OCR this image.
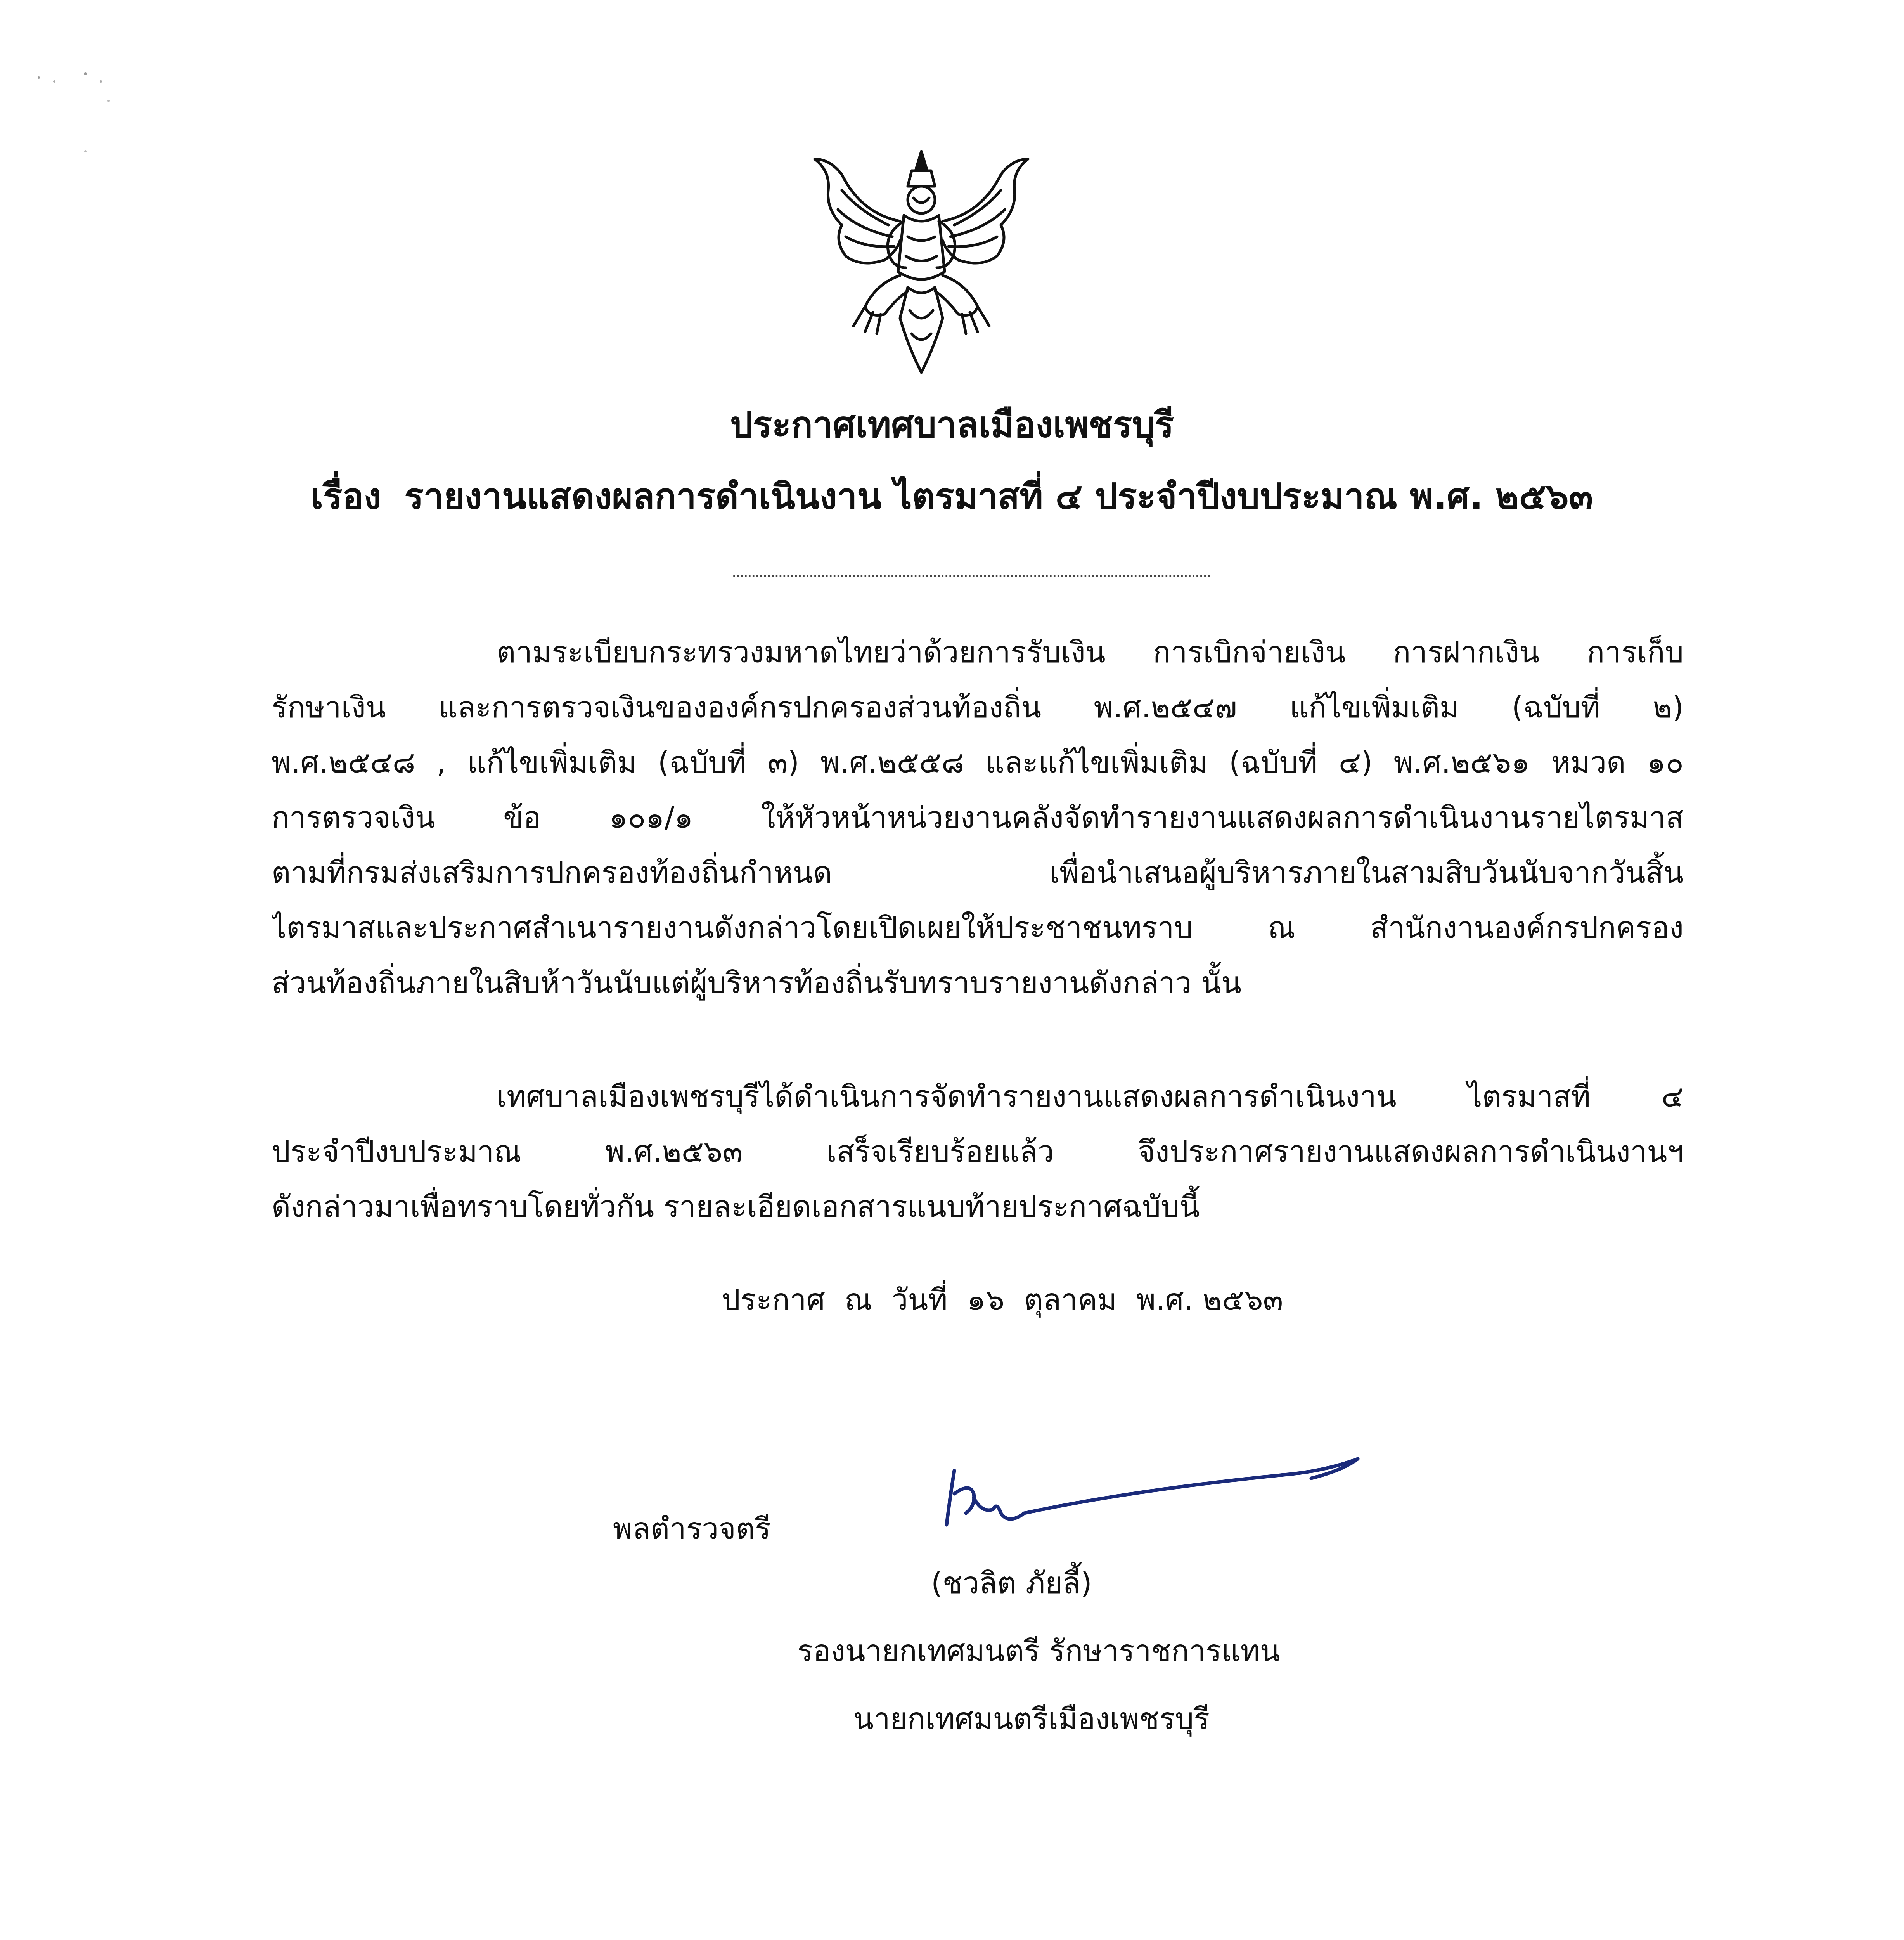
ประกาศเทศบาลเมืองเพชรบุรี
เรื่อง รายงานแสดงผลการดำเนินงาน ไตรมาสที่ ๔ ประจำปีงบประมาณ พ.ศ. ๒๕๖๓
ตามระเบียบกระทรวงมหาดไทยว่าด้วยการรับเงิน การเบิกจ่ายเงิน การฝากเงิน การเก็บ
รักษาเงิน และการตรวจเงินขององค์กรปกครองส่วนท้องถิ่น พ.ศ.๒๕๔๗ แก้ไขเพิ่มเติม (ฉบับที่ ๒)
พ.ศ.๒๕๔๘ , แก้ไขเพิ่มเติม (ฉบับที่ ๓) พ.ศ.๒๕๕๘ และแก้ไขเพิ่มเติม (ฉบับที่ ๔) พ.ศ.๒๕๖๑ หมวด ๑๐
การตรวจเงิน ข้อ ๑๐๑/๑ ให้หัวหน้าหน่วยงานคลังจัดทำรายงานแสดงผลการดำเนินงานรายไตรมาส
ตามที่กรมส่งเสริมการปกครองท้องถิ่นกำหนด เพื่อนำเสนอผู้บริหารภายในสามสิบวันนับจากวันสิ้น
ไตรมาสและประกาศสำเนารายงานดังกล่าวโดยเปิดเผยให้ประชาชนทราบ ณ สำนักงานองค์กรปกครอง
ส่วนท้องถิ่นภายในสิบห้าวันนับแต่ผู้บริหารท้องถิ่นรับทราบรายงานดังกล่าว นั้น
เทศบาลเมืองเพชรบุรีได้ดำเนินการจัดทำรายงานแสดงผลการดำเนินงาน ไตรมาสที่ ๔
ประจำปีงบประมาณ พ.ศ.๒๕๖๓ เสร็จเรียบร้อยแล้ว จึงประกาศรายงานแสดงผลการดำเนินงานฯ
ดังกล่าวมาเพื่อทราบโดยทั่วกัน รายละเอียดเอกสารแนบท้ายประกาศฉบับนี้
ประกาศ ณ วันที่ ๑๖ ตุลาคม พ.ศ. ๒๕๖๓
พลตำรวจตรี
(ชวลิต ภัยลี้)
รองนายกเทศมนตรี รักษาราชการแทน
นายกเทศมนตรีเมืองเพชรบุรี
